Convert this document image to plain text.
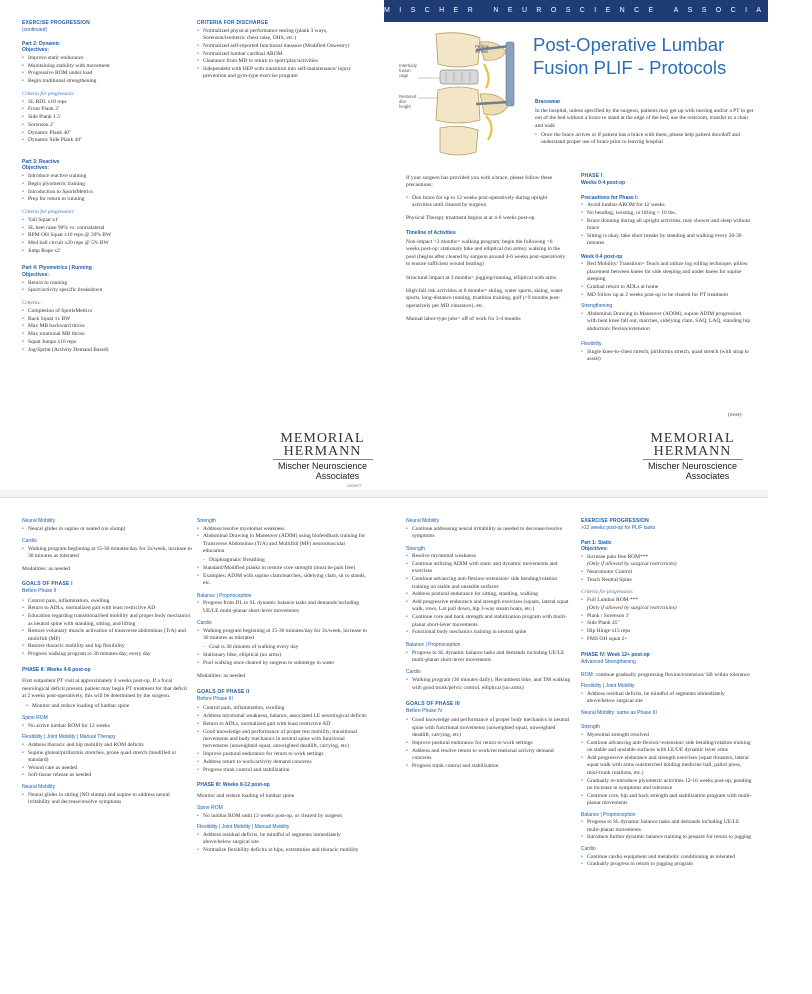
EXERCISE PROGRESSION
(continued)
Part 2: Dynamic
Objectives:
• Improve static endurance
• Maintaining stability with movement
• Progressive ROM under load
• Begin traditional strengthening
Criteria for progression:
• SL RDL x10 reps
• Front Plank 2'
• Side Plank 1.5'
• Sorenson 2'
• Dynamic Plank 40"
• Dynamic Side Plank 40"
Part 3: Reactive
Objectives:
• Introduce reactive training
• Begin plyometric training
• Introduction to SportsMetrics
• Prep for return to running
Criteria for progression:
• Vail Squat x1'
• SL heel raise 90% vs. contralateral
• RPM OH Squat x10 reps @ 20% BW
• Med ball circuit x20 reps @ 5% BW
• Jump Rope x2'
Part 4: Plyometrics | Running
Objectives:
• Return to running
• Sport/activity specific breakdown
Criteria:
• Completion of SportsMetrics
• Back Squat 1x BW
• Max MB backward throw
• Max rotational MB throw
• Squat Jumps x10 reps
• Jog/Sprint (Activity Demand Based)
CRITERIA FOR DISCHARGE
• Normalized physical performance testing (plank 3 ways, Sorenson/isometric chest raise, OHS, etc.)
• Normalized self-reported functional measure (Modified Oswestry)
• Normalized lumbar cardinal AROM
• Clearance from MD to return to sport/play/activities
• Independent with HEP with transition into self-maintenance/ injury prevention and gym-type exercise program
MISCHER NEUROSCIENCE ASSOCIATES
Pedicle
screws
Interbody
fusion
cage
Restored
disc
height
Post-Operative Lumbar
Fusion PLIF - Protocols
Bracewear

In the hospital, unless specified by the surgeon, patients may get up with nursing and/or a PT to get out of the bed without a brace to stand at the edge of the bed, use the restroom, transfer to a chair and walk

• Once the brace arrives or if patient has a brace with them, please help patient don/doff and understand proper use of brace prior to leaving hospital

If your surgeon has provided you with a brace, please follow these precautions:

• Don brace for up to 12 weeks post-operatively during upright activities until cleared by surgeon

Physical Therapy treatment begins at at 4-6 weeks post-op

Timeline of Activities

Non-impact <3 months= walking program; begin the following >6 weeks post-op: stationary bike and elliptical (no arms); walking in the pool (begins after cleared by surgeon around 4-6 weeks post-operatively to ensure sufficient wound healing)

Structural impact at 3 months= jogging/running, elliptical with arms

High-fall risk activities at 6 months= skiing, water sports, skiing, water sports, long-distance running, triathlon training, golf (>9 months post-operatively per MD clearance), etc.

Manual labor-type jobs= off of work for 3-4 months

PHASE I
Weeks 0-4 post-op
Precautions for Phase I:
• Avoid lumbar AROM for 12 weeks
• No bending, twisting, or lifting > 10 lbs.
• Brace donning during all upright activities, may shower and sleep without brace
• Sitting is okay, take short breaks by standing and walking every 20-30 minutes
Week 0-4 post-op
• Bed Mobility/ Transition= Teach and utilize log rolling technique; pillow placement between knees for side sleeping and under knees for supine sleeping
• Gradual return to ADLs at home
• MD follow up at 2 weeks post-op to be cleared for PT treatment
Strengthening
• Abdominal Drawing in Maneuver (ADIM), supine ADIM progression with bent knee fall out, marches, sidelying clam, SAQ, LAQ, standing hip abduction/ flexion/extension
Flexibility
• Single knee-to-chest stretch, piriformis stretch, quad stretch (with strap to assist)
(over)
MEMORIAL
HERMANN
Mischer Neuroscience
Associates
20C0977
MEMORIAL
HERMANN
Mischer Neuroscience
Associates
Neural Mobility
• Neural glides in supine or seated (no slump)
Cardio
• Walking program beginning at 15-30 minutes/day for 3x/week, increase to 30 minutes as tolerated

Modalities: as needed

GOALS OF PHASE I
Before Phase II
• Control pain, inflammation, swelling
• Return to ADLs, normalized gait with least restrictive AD
• Education regarding transitional/bed mobility and proper body mechanics as neutral spine with standing, sitting, and lifting
• Restore voluntary muscle activation of transverse abdominus (TrA) and multifidi (MF)
• Restore thoracic mobility and hip flexibility
• Progress walking program to 30 minutes/day, every day
PHASE II: Weeks 4-8 post-op

First outpatient PT visit at approximately 4 weeks post-op. If a focal neurological deficit present, patient may begin PT treatment for that deficit at 2 weeks post-operatively, this will be determined by the surgeon.

• Monitor and reduce loading of lumbar spine
Spine ROM
• No active lumbar ROM for 12 weeks
Flexibility | Joint Mobility | Manual Therapy
• Address thoracic and hip mobility and ROM deficits
• Supine gluteal/piriformis stretches, prone quad stretch (modified or standard)
• Wound care as needed
• Soft-tissue release as needed
Neural Mobility
• Neural glides in sitting (NO slump) and supine to address neural irritability and decrease/resolve symptoms
Strength
• Address/resolve myotomal weakness
• Abdominal Drawing in Maneuver (ADIM) using biofeedback training for Transverse Abdominus (TrA) and Multifidi (MF) neuromuscular education
- Diaphragmatic Breathing
• Standard/Modified planks to restore core strength (must be pain free)
• Examples: ADIM with supine clam/marches, sidelying clam, sit to stands, etc.
Balance | Proprioception
• Progress from DL to SL dynamic balance tasks and demands including UE/LE multi-planar short-lever movements
Cardio
• Walking program beginning at 15-30 minutes/day for 3x/week, increase to 30 minutes as tolerated
- Goal is 30 minutes of walking every day
• Stationary bike, elliptical (no arms)
• Pool walking once cleared by surgeon to submerge in water

Modalities: as needed

GOALS OF PHASE II
Before Phase III
• Control pain, inflammation, swelling
• Address myotomal weakness, balance, associated LE neurological deficits
• Return to ADLs, normalized gait with least restrictive AD
• Good knowledge and performance of proper test mobility, transitional movements and body mechanics in neutral spine with functional movements (unweighted squat, unweighted deadlift, carrying, etc)
• Improve postural endurance for return to work settings
• Address return to work/activity demand concerns
• Progress trunk control and stabilization
PHASE III: Weeks 8-12 post-op

Monitor and reduce loading of lumbar spine

Spine ROM
• No lumbar ROM until 12 weeks post-op, or cleared by surgeon
Flexibility | Joint Mobility | Manual Mobility
• Address residual deficits, be mindful of segments immediately above/below surgical site
• Normalize flexibility deficits in hips, extremities and thoracic mobility
Neural Mobility
• Continue addressing neural irritability as needed to decrease/resolve symptoms
Strength
• Resolve myotomal weakness
• Continue utilizing ADIM with static and dynamic movements and exercises
• Continue advancing anti-flexion/-extension/ side bending/rotation training on stable and unstable surfaces
• Address postural endurance for sitting, standing, walking
• Add progressive endurance and strength exercises (squats, lateral squat walk, rows, Lat pull down, hip 3-way steam boats, etc.)
• Continue core and back strength and stabilization program with multi-planar short-lever movements
• Functional body mechanics training in neutral spine
Balance | Proprioception
• Progress to SL dynamic balance tasks and demands including UE/LE multi-planar short-lever movements
Cardio
• Walking program (30 minutes daily), Recumbent bike, and TM walking with good trunk/pelvic control, elliptical (no arms)
GOALS OF PHASE III
Before Phase IV
• Good knowledge and performance of proper body mechanics in neutral spine with functional movements (unweighted squat, unweighted deadlift, carrying, etc)
• Improve postural endurance for return to work settings
• Address and resolve return to work/recreational activity demand concerns
• Progress trunk control and stabilization
EXERCISE PROGRESSION
>12 weeks post-op for PLIF tasks
Part 1: Static
Objectives:
• Increase pain free ROM***
(Only if allowed by surgical restrictions)
• Neuromotor Control
• Teach Neutral Spine
Criteria for progression:
• Full Lumbar ROM ***
(Only if allowed by surgical restrictions)
• Plank / Sorenson 1'
• Side Plank 45"
• Hip Hinge x15 reps
• FMS OH squat 2+
PHASE IV: Week 12+ post-op
Advanced Strengthening

ROM: continue gradually progressing flexion/extension/ SB within tolerance

Flexibility | Joint Mobility
• Address residual deficits, be mindful of segments immediately above/below surgical site
Neural Mobility: same as Phase III
Strength
• Myotomal strength resolved
• Continue advancing anti-flexion/-extension/ side bending/rotation training on stable and unstable surfaces with LE/UE dynamic lever arms
• Add progressive endurance and strength exercises (squat thrusters, lateral squat walk with arms outstretched holding medicine ball, pallof press, mini-trunk rotations, etc.)
• Gradually re-introduce plyometric activities 12-16 weeks post-op, pending no increase in symptoms and tolerance
• Continue core, hip and back strength and stabilization program with multi-planar movements
Balance | Proprioception
• Progress to SL dynamic balance tasks and demands including UE/LE multi-planar movements
• Introduce further dynamic balance training to prepare for return to jogging
Cardio
• Continue cardio equipment and metabolic conditioning as tolerated
• Gradually progress to return to jogging program
